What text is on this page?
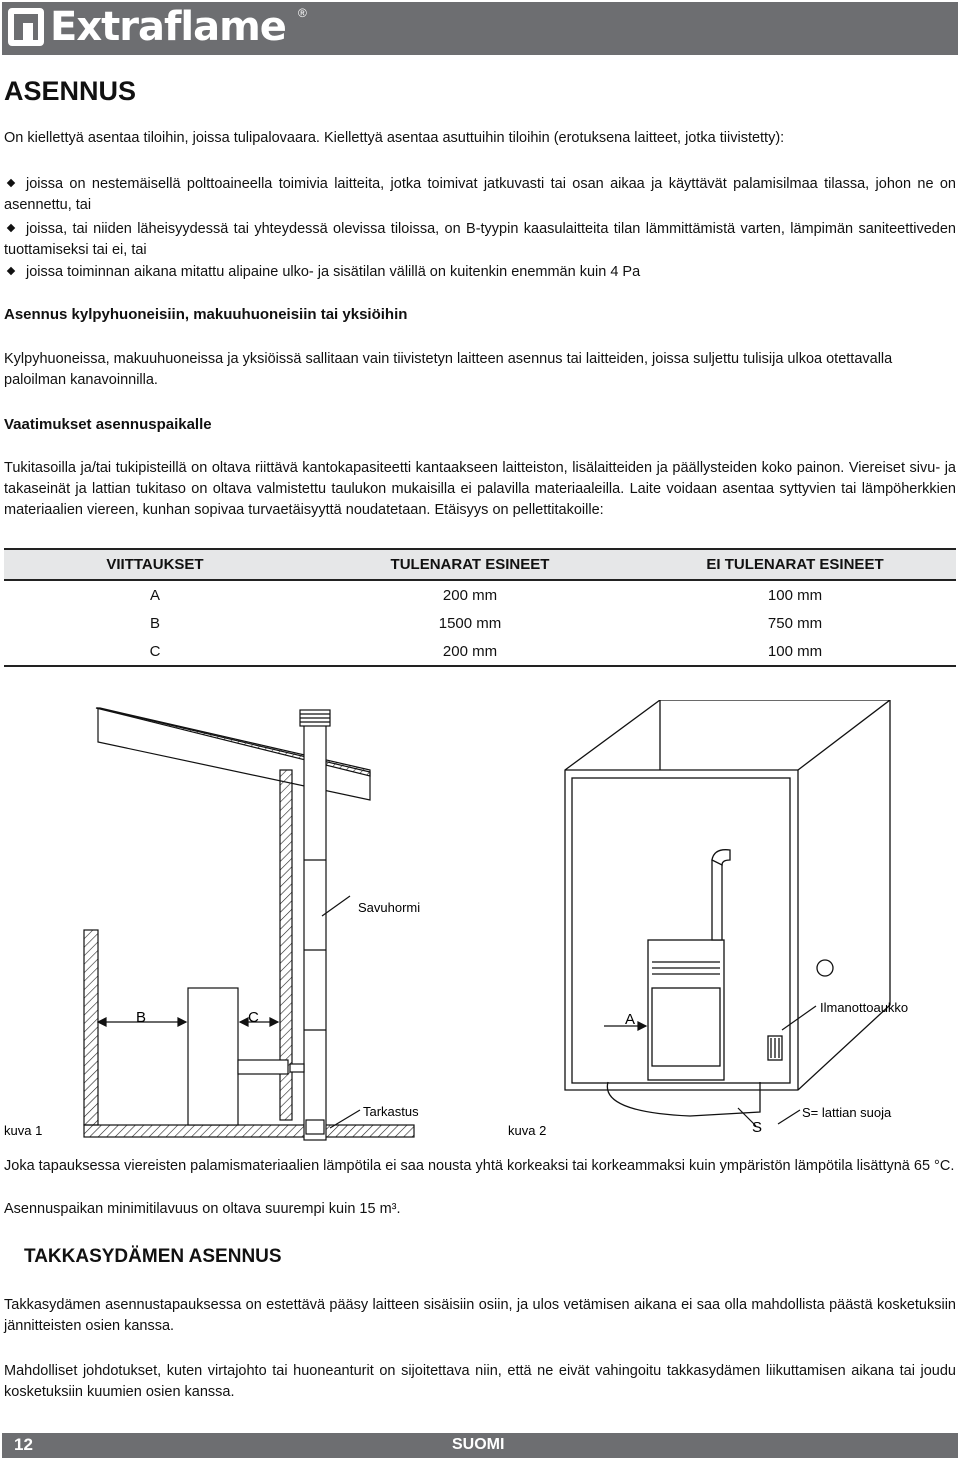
Extraflame ®
ASENNUS
On kiellettyä asentaa tiloihin, joissa tulipalovaara. Kiellettyä asentaa asuttuihin tiloihin (erotuksena laitteet, jotka tiivistetty):
joissa on nestemäisellä polttoaineella toimivia laitteita, jotka toimivat jatkuvasti tai osan aikaa ja käyttävät palamisilmaa tilassa, johon ne on asennettu, tai
joissa, tai niiden läheisyydessä tai yhteydessä olevissa tiloissa, on B-tyypin kaasulaitteita tilan lämmittämistä varten, lämpimän saniteettiveden tuottamiseksi tai ei, tai
joissa toiminnan aikana mitattu alipaine ulko- ja sisätilan välillä on kuitenkin enemmän kuin 4 Pa
Asennus kylpyhuoneisiin, makuuhuoneisiin tai yksiöihin
Kylpyhuoneissa, makuuhuoneissa ja yksiöissä sallitaan vain tiivistetyn laitteen asennus tai laitteiden, joissa suljettu tulisija ulkoa otettavalla paloilman kanavoinnilla.
Vaatimukset asennuspaikalle
Tukitasoilla ja/tai tukipisteillä on oltava riittävä kantokapasiteetti kantaakseen laitteiston, lisälaitteiden ja päällysteiden koko painon. Viereiset sivu- ja takaseinät ja lattian tukitaso on oltava valmistettu taulukon mukaisilla ei palavilla materiaaleilla. Laite voidaan asentaa syttyvien tai lämpöherkkien materiaalien viereen, kunhan sopivaa turvaetäisyyttä noudatetaan. Etäisyys on pellettitakoille:
VIITTAUKSET	TULENARAT ESINEET	EI TULENARAT ESINEET
A	200 mm	100 mm
B	1500 mm	750 mm
C	200 mm	100 mm
Savuhormi
B	C
Tarkastus
kuva 1	kuva 2
A
Ilmanottoaukko
S
S= lattian suoja
Joka tapauksessa viereisten palamismateriaalien lämpötila ei saa nousta yhtä korkeaksi tai korkeammaksi kuin ympäristön lämpötila lisättynä 65 °C.
Asennuspaikan minimitilavuus on oltava suurempi kuin 15 m³.
TAKKASYDÄMEN ASENNUS
Takkasydämen asennustapauksessa on estettävä pääsy laitteen sisäisiin osiin, ja ulos vetämisen aikana ei saa olla mahdollista päästä kosketuksiin jännitteisten osien kanssa.
Mahdolliset johdotukset, kuten virtajohto tai huoneanturit on sijoitettava niin, että ne eivät vahingoitu takkasydämen liikuttamisen aikana tai joudu kosketuksiin kuumien osien kanssa.
12	SUOMI
